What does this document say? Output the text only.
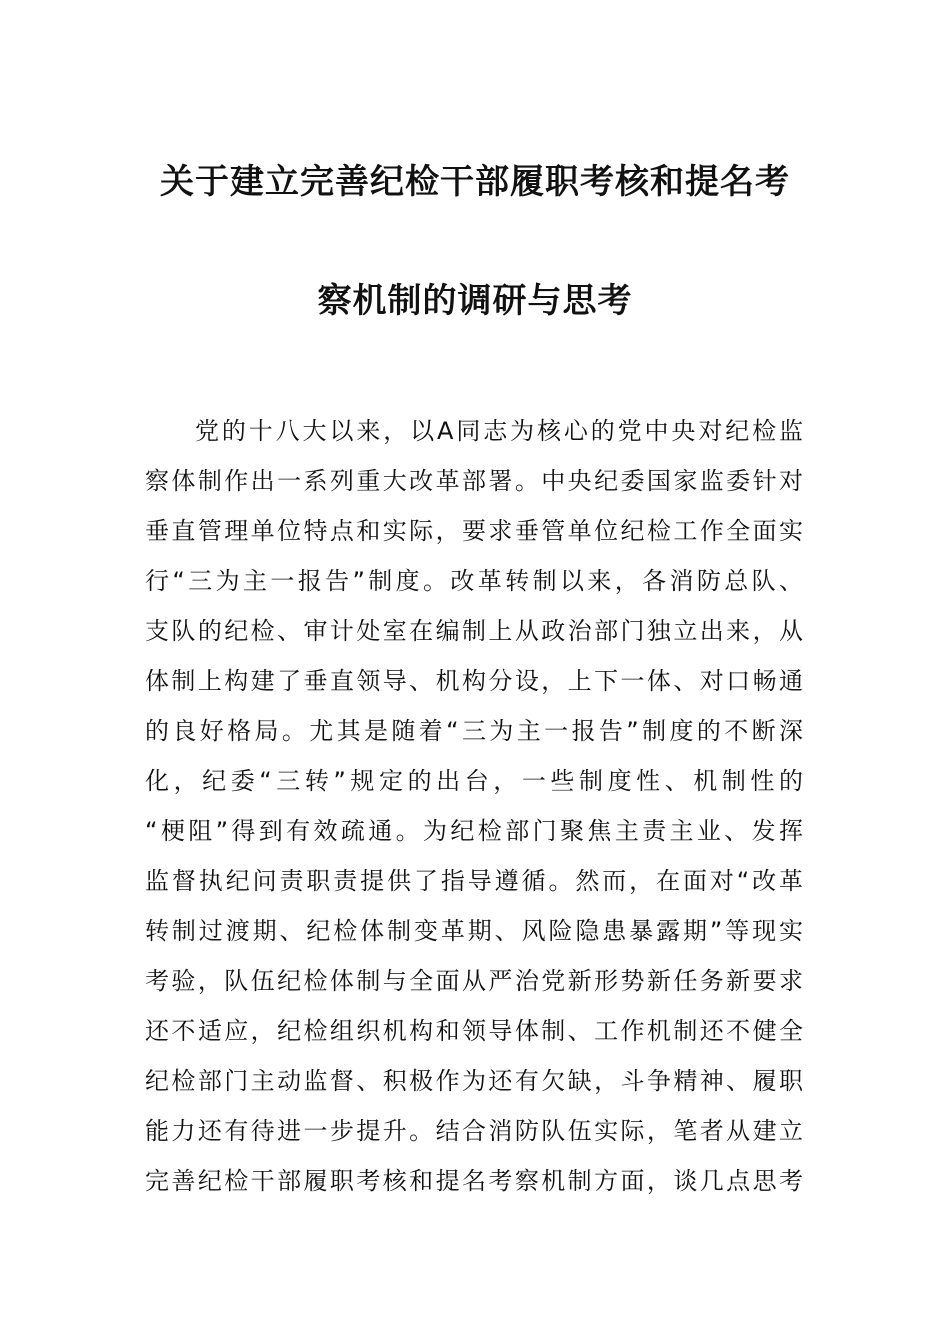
关于建立完善纪检干部履职考核和提名考
察机制的调研与思考
党的十八大以来，以A同志为核心的党中央对纪检监
察体制作出一系列重大改革部署。中央纪委国家监委针对
垂直管理单位特点和实际，要求垂管单位纪检工作全面实
行“三为主一报告”制度。改革转制以来，各消防总队、
支队的纪检、审计处室在编制上从政治部门独立出来，从
体制上构建了垂直领导、机构分设，上下一体、对口畅通
的良好格局。尤其是随着“三为主一报告”制度的不断深
化，纪委“三转”规定的出台，一些制度性、机制性的
“梗阻”得到有效疏通。为纪检部门聚焦主责主业、发挥
监督执纪问责职责提供了指导遵循。然而，在面对“改革
转制过渡期、纪检体制变革期、风险隐患暴露期”等现实
考验，队伍纪检体制与全面从严治党新形势新任务新要求
还不适应，纪检组织机构和领导体制、工作机制还不健全
纪检部门主动监督、积极作为还有欠缺，斗争精神、履职
能力还有待进一步提升。结合消防队伍实际，笔者从建立
完善纪检干部履职考核和提名考察机制方面，谈几点思考
